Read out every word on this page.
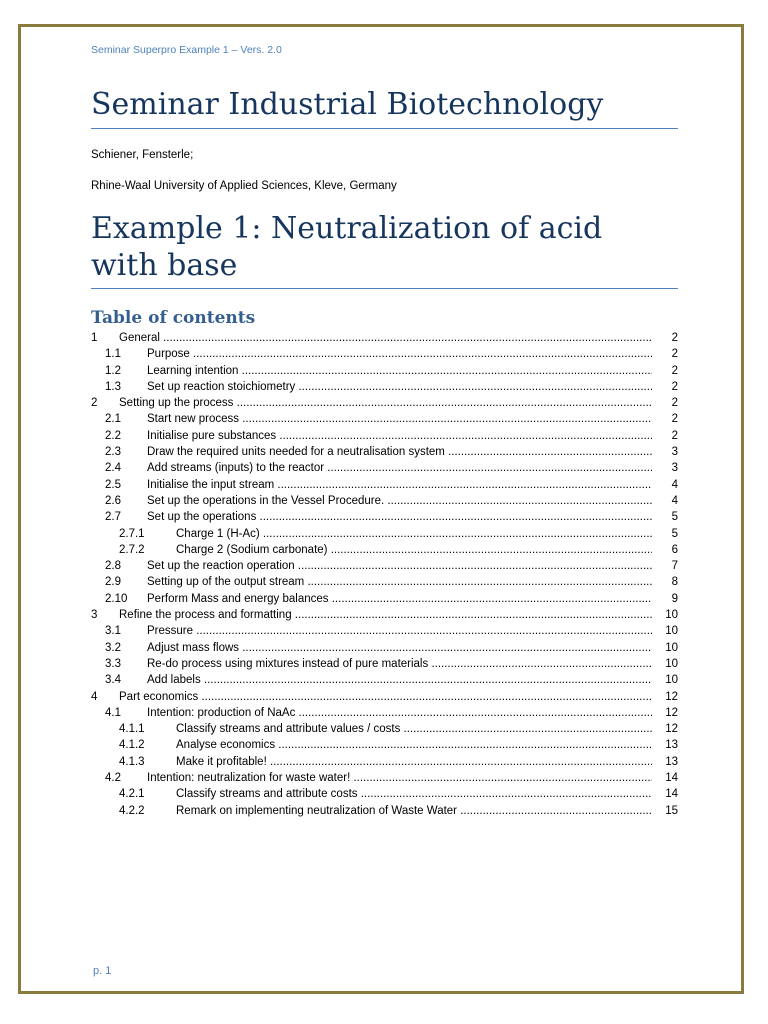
Seminar Superpro Example 1 – Vers. 2.0
Seminar Industrial Biotechnology
Schiener, Fensterle;
Rhine-Waal University of Applied Sciences, Kleve, Germany
Example 1: Neutralization of acid with base
Table of contents
1 General .....	2
1.1 Purpose .....	2
1.2 Learning intention .....	2
1.3 Set up reaction stoichiometry .....	2
2 Setting up the process .....	2
2.1 Start new process .....	2
2.2 Initialise pure substances .....	2
2.3 Draw the required units needed for a neutralisation system .....	3
2.4 Add streams (inputs) to the reactor .....	3
2.5 Initialise the input stream .....	4
2.6 Set up the operations in the Vessel Procedure. .....	4
2.7 Set up the operations .....	5
2.7.1	Charge 1 (H-Ac) .....	5
2.7.2	Charge 2 (Sodium carbonate) .....	6
2.8 Set up the reaction operation .....	7
2.9 Setting up of the output stream .....	8
2.10 Perform Mass and energy balances .....	9
3 Refine the process and formatting .....	10
3.1 Pressure .....	10
3.2 Adjust mass flows .....	10
3.3 Re-do process using mixtures instead of pure materials .....	10
3.4 Add labels .....	10
4 Part economics .....	12
4.1 Intention: production of NaAc .....	12
4.1.1	Classify streams and attribute values / costs .....	12
4.1.2	Analyse economics .....	13
4.1.3	Make it profitable! .....	13
4.2 Intention: neutralization for waste water! .....	14
4.2.1	Classify streams and attribute costs .....	14
4.2.2	Remark on implementing neutralization of Waste Water .....	15
p. 1
